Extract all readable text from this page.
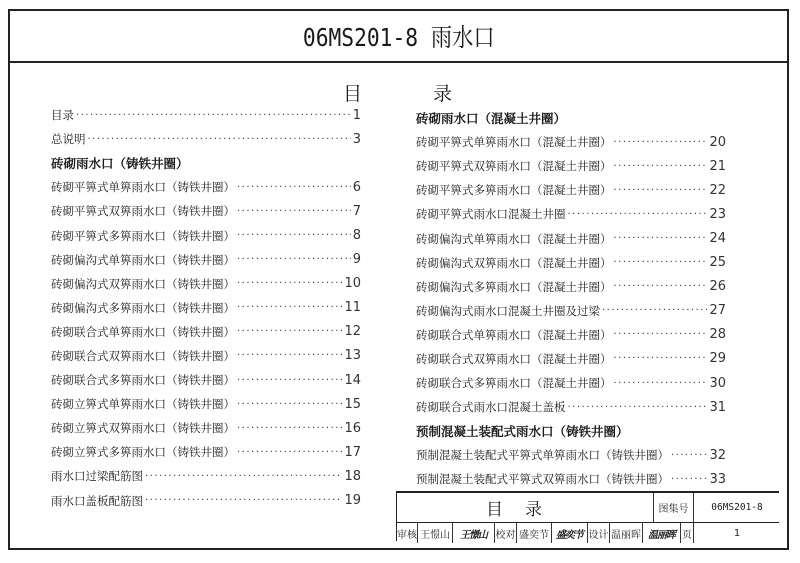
06MS201-8 雨水口
目	录
目录 ·····	1
总说明 ·····	3
砖砌雨水口（铸铁井圈）
砖砌平箅式单箅雨水口（铸铁井圈） ·····	6
砖砌平箅式双箅雨水口（铸铁井圈） ·····	7
砖砌平箅式多箅雨水口（铸铁井圈） ·····	8
砖砌偏沟式单箅雨水口（铸铁井圈） ·····	9
砖砌偏沟式双箅雨水口（铸铁井圈） ·····	10
砖砌偏沟式多箅雨水口（铸铁井圈） ·····	11
砖砌联合式单箅雨水口（铸铁井圈） ·····	12
砖砌联合式双箅雨水口（铸铁井圈） ·····	13
砖砌联合式多箅雨水口（铸铁井圈） ·····	14
砖砌立箅式单箅雨水口（铸铁井圈） ·····	15
砖砌立箅式双箅雨水口（铸铁井圈） ·····	16
砖砌立箅式多箅雨水口（铸铁井圈） ·····	17
雨水口过梁配筋图 ·····	18
雨水口盖板配筋图 ·····	19
砖砌雨水口（混凝土井圈）
砖砌平箅式单箅雨水口（混凝土井圈） ·····	20
砖砌平箅式双箅雨水口（混凝土井圈） ·····	21
砖砌平箅式多箅雨水口（混凝土井圈） ·····	22
砖砌平箅式雨水口混凝土井圈 ·····	23
砖砌偏沟式单箅雨水口（混凝土井圈） ·····	24
砖砌偏沟式双箅雨水口（混凝土井圈） ·····	25
砖砌偏沟式多箅雨水口（混凝土井圈） ·····	26
砖砌偏沟式雨水口混凝土井圈及过梁 ·····	27
砖砌联合式单箅雨水口（混凝土井圈） ·····	28
砖砌联合式双箅雨水口（混凝土井圈） ·····	29
砖砌联合式多箅雨水口（混凝土井圈） ·····	30
砖砌联合式雨水口混凝土盖板 ·····	31
预制混凝土装配式雨水口（铸铁井圈）
预制混凝土装配式平箅式单箅雨水口（铸铁井圈） ·····	32
预制混凝土装配式平箅式双箅雨水口（铸铁井圈） ·····	33
目录	图集号	06MS201-8
审核 王憬山	王憬山 校对 盛奕节 盛奕节 设计 温丽晖 温丽晖 页	1
